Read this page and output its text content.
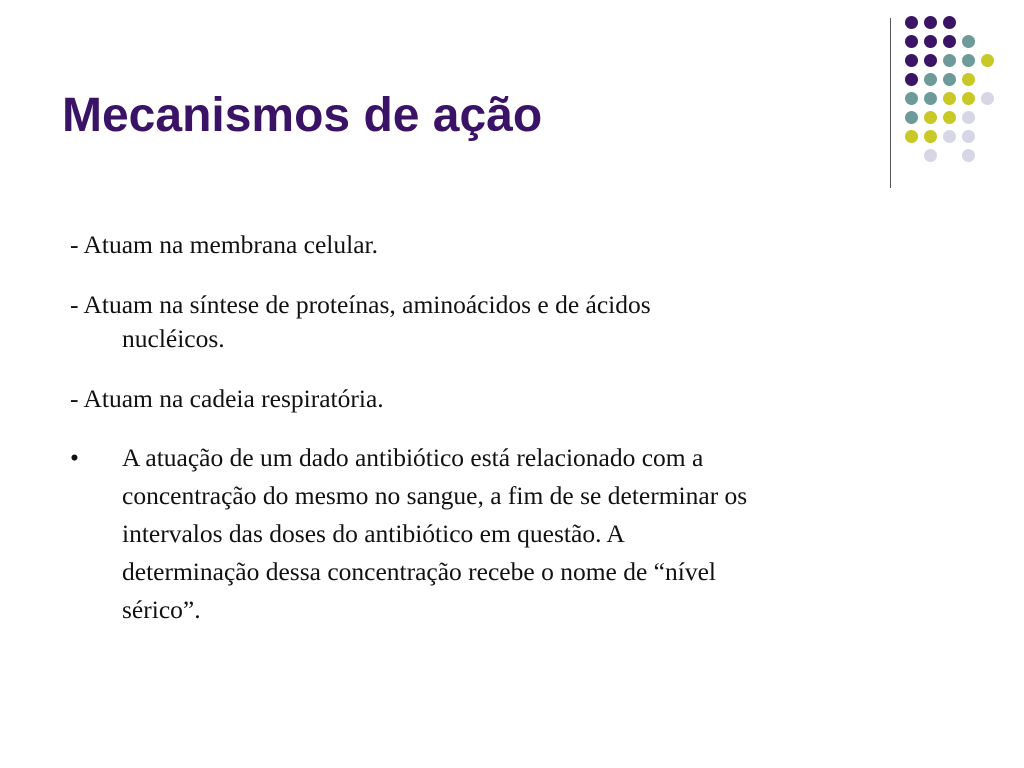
Mecanismos de ação

- Atuam na membrana celular.

- Atuam na síntese de proteínas, aminoácidos e de ácidos
nucléicos.

- Atuam na cadeia respiratória.

• A atuação de um dado antibiótico está relacionado com a
concentração do mesmo no sangue, a fim de se determinar os
intervalos das doses do antibiótico em questão. A
determinação dessa concentração recebe o nome de “nível
sérico”.
